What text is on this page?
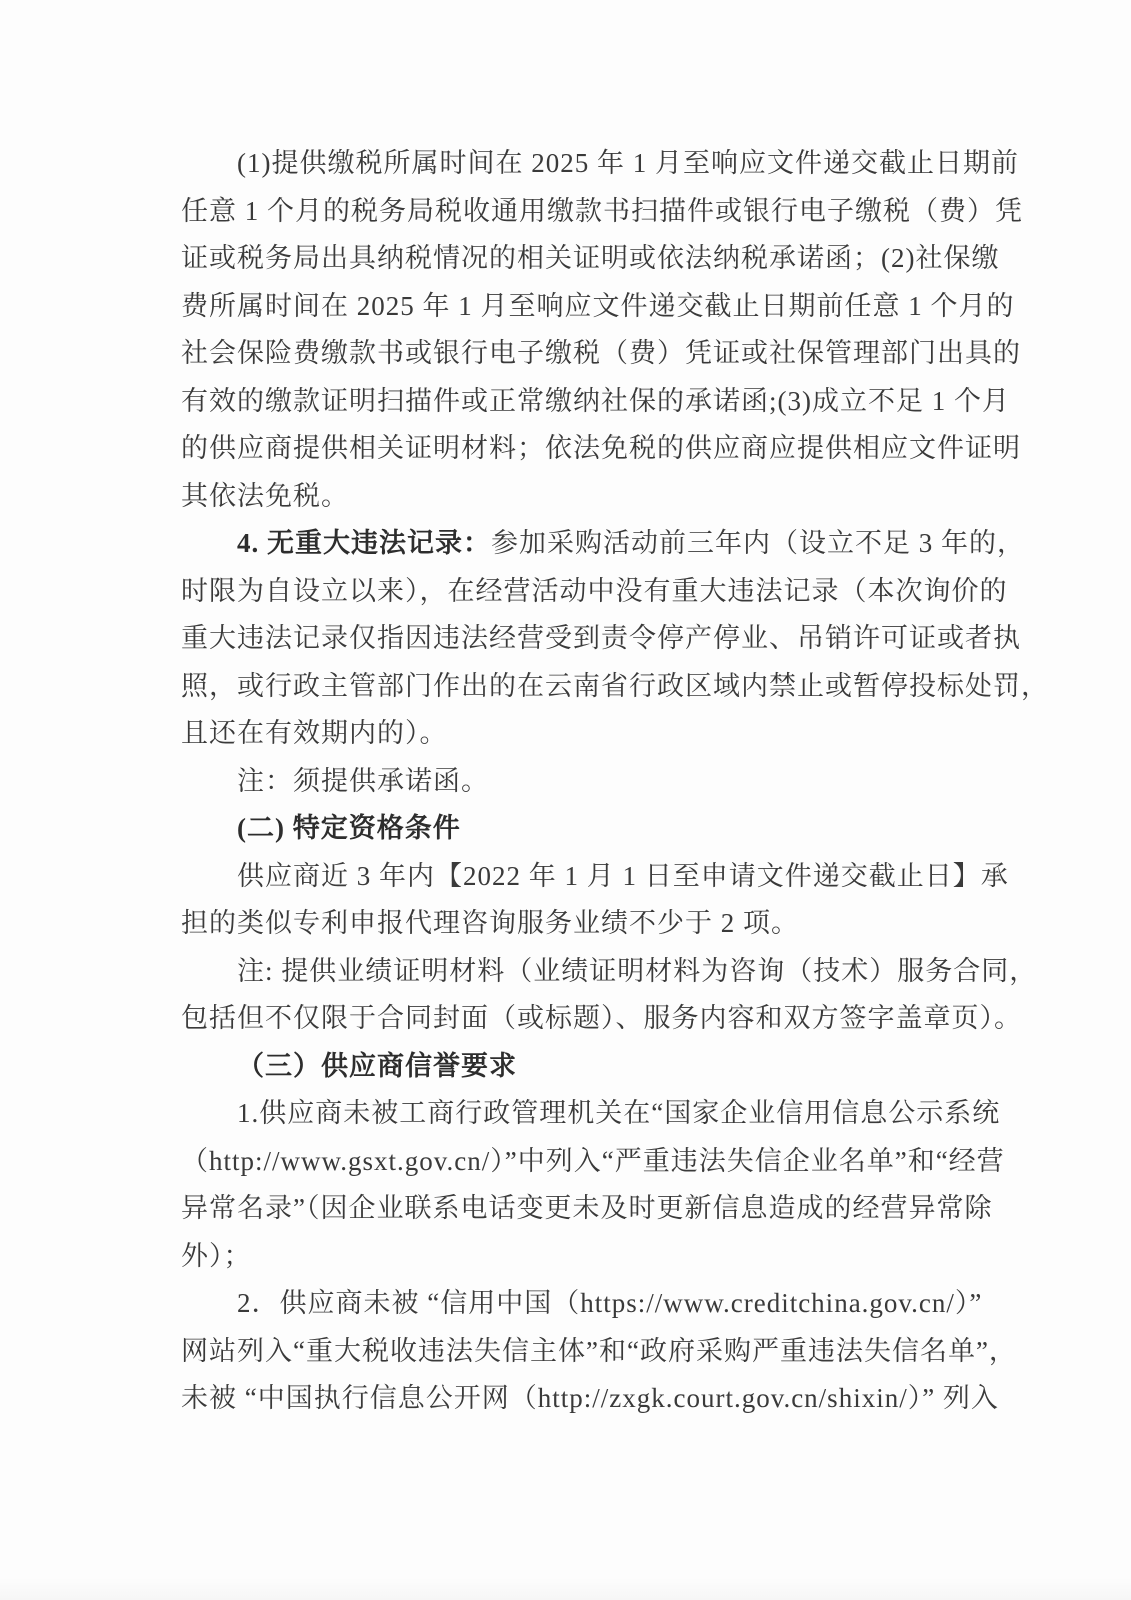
(1)提供缴税所属时间在 2025 年 1 月至响应文件递交截止日期前
任意 1 个月的税务局税收通用缴款书扫描件或银行电子缴税（费）凭
证或税务局出具纳税情况的相关证明或依法纳税承诺函；(2)社保缴
费所属时间在 2025 年 1 月至响应文件递交截止日期前任意 1 个月的
社会保险费缴款书或银行电子缴税（费）凭证或社保管理部门出具的
有效的缴款证明扫描件或正常缴纳社保的承诺函;(3)成立不足 1 个月
的供应商提供相关证明材料；依法免税的供应商应提供相应文件证明
其依法免税。
4. 无重大违法记录：参加采购活动前三年内（设立不足 3 年的，
时限为自设立以来），在经营活动中没有重大违法记录（本次询价的
重大违法记录仅指因违法经营受到责令停产停业、吊销许可证或者执
照，或行政主管部门作出的在云南省行政区域内禁止或暂停投标处罚，
且还在有效期内的）。
注：须提供承诺函。
(二) 特定资格条件
供应商近 3 年内【2022 年 1 月 1 日至申请文件递交截止日】承
担的类似专利申报代理咨询服务业绩不少于 2 项。
注: 提供业绩证明材料（业绩证明材料为咨询（技术）服务合同，
包括但不仅限于合同封面（或标题）、服务内容和双方签字盖章页）。
（三）供应商信誉要求
1.供应商未被工商行政管理机关在“国家企业信用信息公示系统
（http://www.gsxt.gov.cn/）”中列入“严重违法失信企业名单”和“经营
异常名录”（因企业联系电话变更未及时更新信息造成的经营异常除
外）；
2．供应商未被 “信用中国（https://www.creditchina.gov.cn/）”
网站列入“重大税收违法失信主体”和“政府采购严重违法失信名单”，
未被 “中国执行信息公开网（http://zxgk.court.gov.cn/shixin/）” 列入
